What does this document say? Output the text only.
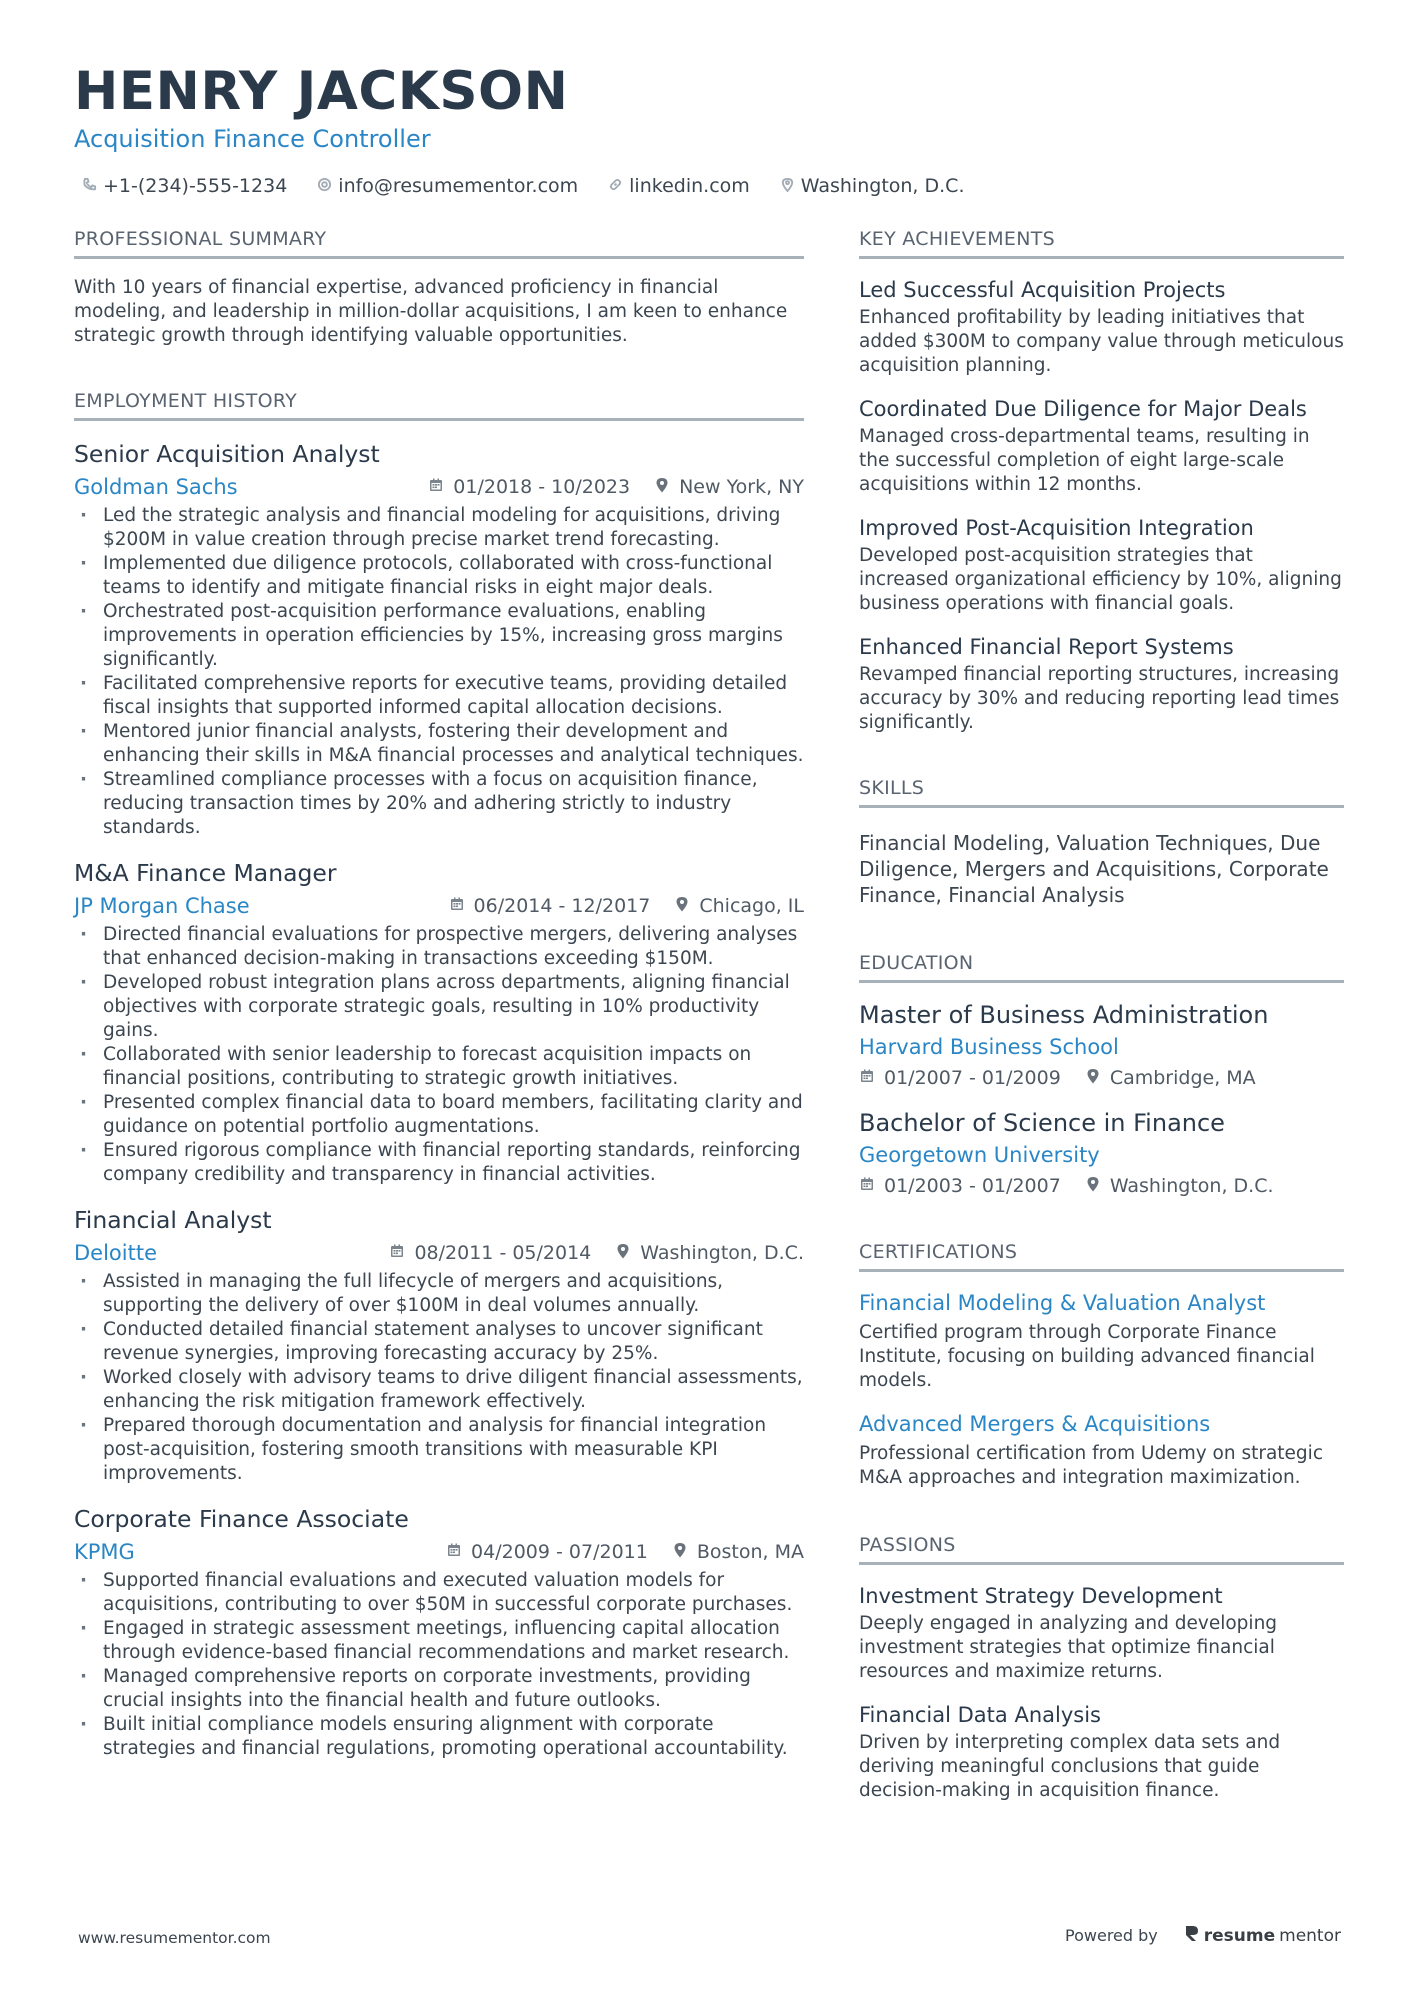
HENRY JACKSON
Acquisition Finance Controller
+1-(234)-555-1234	info@resumementor.com	linkedin.com	Washington, D.C.
PROFESSIONAL SUMMARY
With 10 years of financial expertise, advanced proficiency in financial modeling, and leadership in million-dollar acquisitions, I am keen to enhance strategic growth through identifying valuable opportunities.
EMPLOYMENT HISTORY
Senior Acquisition Analyst
Goldman Sachs	01/2018 - 10/2023	New York, NY
· Led the strategic analysis and financial modeling for acquisitions, driving $200M in value creation through precise market trend forecasting.
· Implemented due diligence protocols, collaborated with cross-functional teams to identify and mitigate financial risks in eight major deals.
· Orchestrated post-acquisition performance evaluations, enabling improvements in operation efficiencies by 15%, increasing gross margins significantly.
· Facilitated comprehensive reports for executive teams, providing detailed fiscal insights that supported informed capital allocation decisions.
· Mentored junior financial analysts, fostering their development and enhancing their skills in M&A financial processes and analytical techniques.
· Streamlined compliance processes with a focus on acquisition finance, reducing transaction times by 20% and adhering strictly to industry standards.
M&A Finance Manager
JP Morgan Chase	06/2014 - 12/2017	Chicago, IL
· Directed financial evaluations for prospective mergers, delivering analyses that enhanced decision-making in transactions exceeding $150M.
· Developed robust integration plans across departments, aligning financial objectives with corporate strategic goals, resulting in 10% productivity gains.
· Collaborated with senior leadership to forecast acquisition impacts on financial positions, contributing to strategic growth initiatives.
· Presented complex financial data to board members, facilitating clarity and guidance on potential portfolio augmentations.
· Ensured rigorous compliance with financial reporting standards, reinforcing company credibility and transparency in financial activities.
Financial Analyst
Deloitte	08/2011 - 05/2014	Washington, D.C.
· Assisted in managing the full lifecycle of mergers and acquisitions, supporting the delivery of over $100M in deal volumes annually.
· Conducted detailed financial statement analyses to uncover significant revenue synergies, improving forecasting accuracy by 25%.
· Worked closely with advisory teams to drive diligent financial assessments, enhancing the risk mitigation framework effectively.
· Prepared thorough documentation and analysis for financial integration post-acquisition, fostering smooth transitions with measurable KPI improvements.
Corporate Finance Associate
KPMG	04/2009 - 07/2011	Boston, MA
· Supported financial evaluations and executed valuation models for acquisitions, contributing to over $50M in successful corporate purchases.
· Engaged in strategic assessment meetings, influencing capital allocation through evidence-based financial recommendations and market research.
· Managed comprehensive reports on corporate investments, providing crucial insights into the financial health and future outlooks.
· Built initial compliance models ensuring alignment with corporate strategies and financial regulations, promoting operational accountability.
KEY ACHIEVEMENTS
Led Successful Acquisition Projects
Enhanced profitability by leading initiatives that added $300M to company value through meticulous acquisition planning.
Coordinated Due Diligence for Major Deals
Managed cross-departmental teams, resulting in the successful completion of eight large-scale acquisitions within 12 months.
Improved Post-Acquisition Integration
Developed post-acquisition strategies that increased organizational efficiency by 10%, aligning business operations with financial goals.
Enhanced Financial Report Systems
Revamped financial reporting structures, increasing accuracy by 30% and reducing reporting lead times significantly.
SKILLS
Financial Modeling, Valuation Techniques, Due Diligence, Mergers and Acquisitions, Corporate Finance, Financial Analysis
EDUCATION
Master of Business Administration
Harvard Business School
01/2007 - 01/2009	Cambridge, MA
Bachelor of Science in Finance
Georgetown University
01/2003 - 01/2007	Washington, D.C.
CERTIFICATIONS
Financial Modeling & Valuation Analyst
Certified program through Corporate Finance Institute, focusing on building advanced financial models.
Advanced Mergers & Acquisitions
Professional certification from Udemy on strategic M&A approaches and integration maximization.
PASSIONS
Investment Strategy Development
Deeply engaged in analyzing and developing investment strategies that optimize financial resources and maximize returns.
Financial Data Analysis
Driven by interpreting complex data sets and deriving meaningful conclusions that guide decision-making in acquisition finance.
www.resumementor.com	Powered by	resume mentor
